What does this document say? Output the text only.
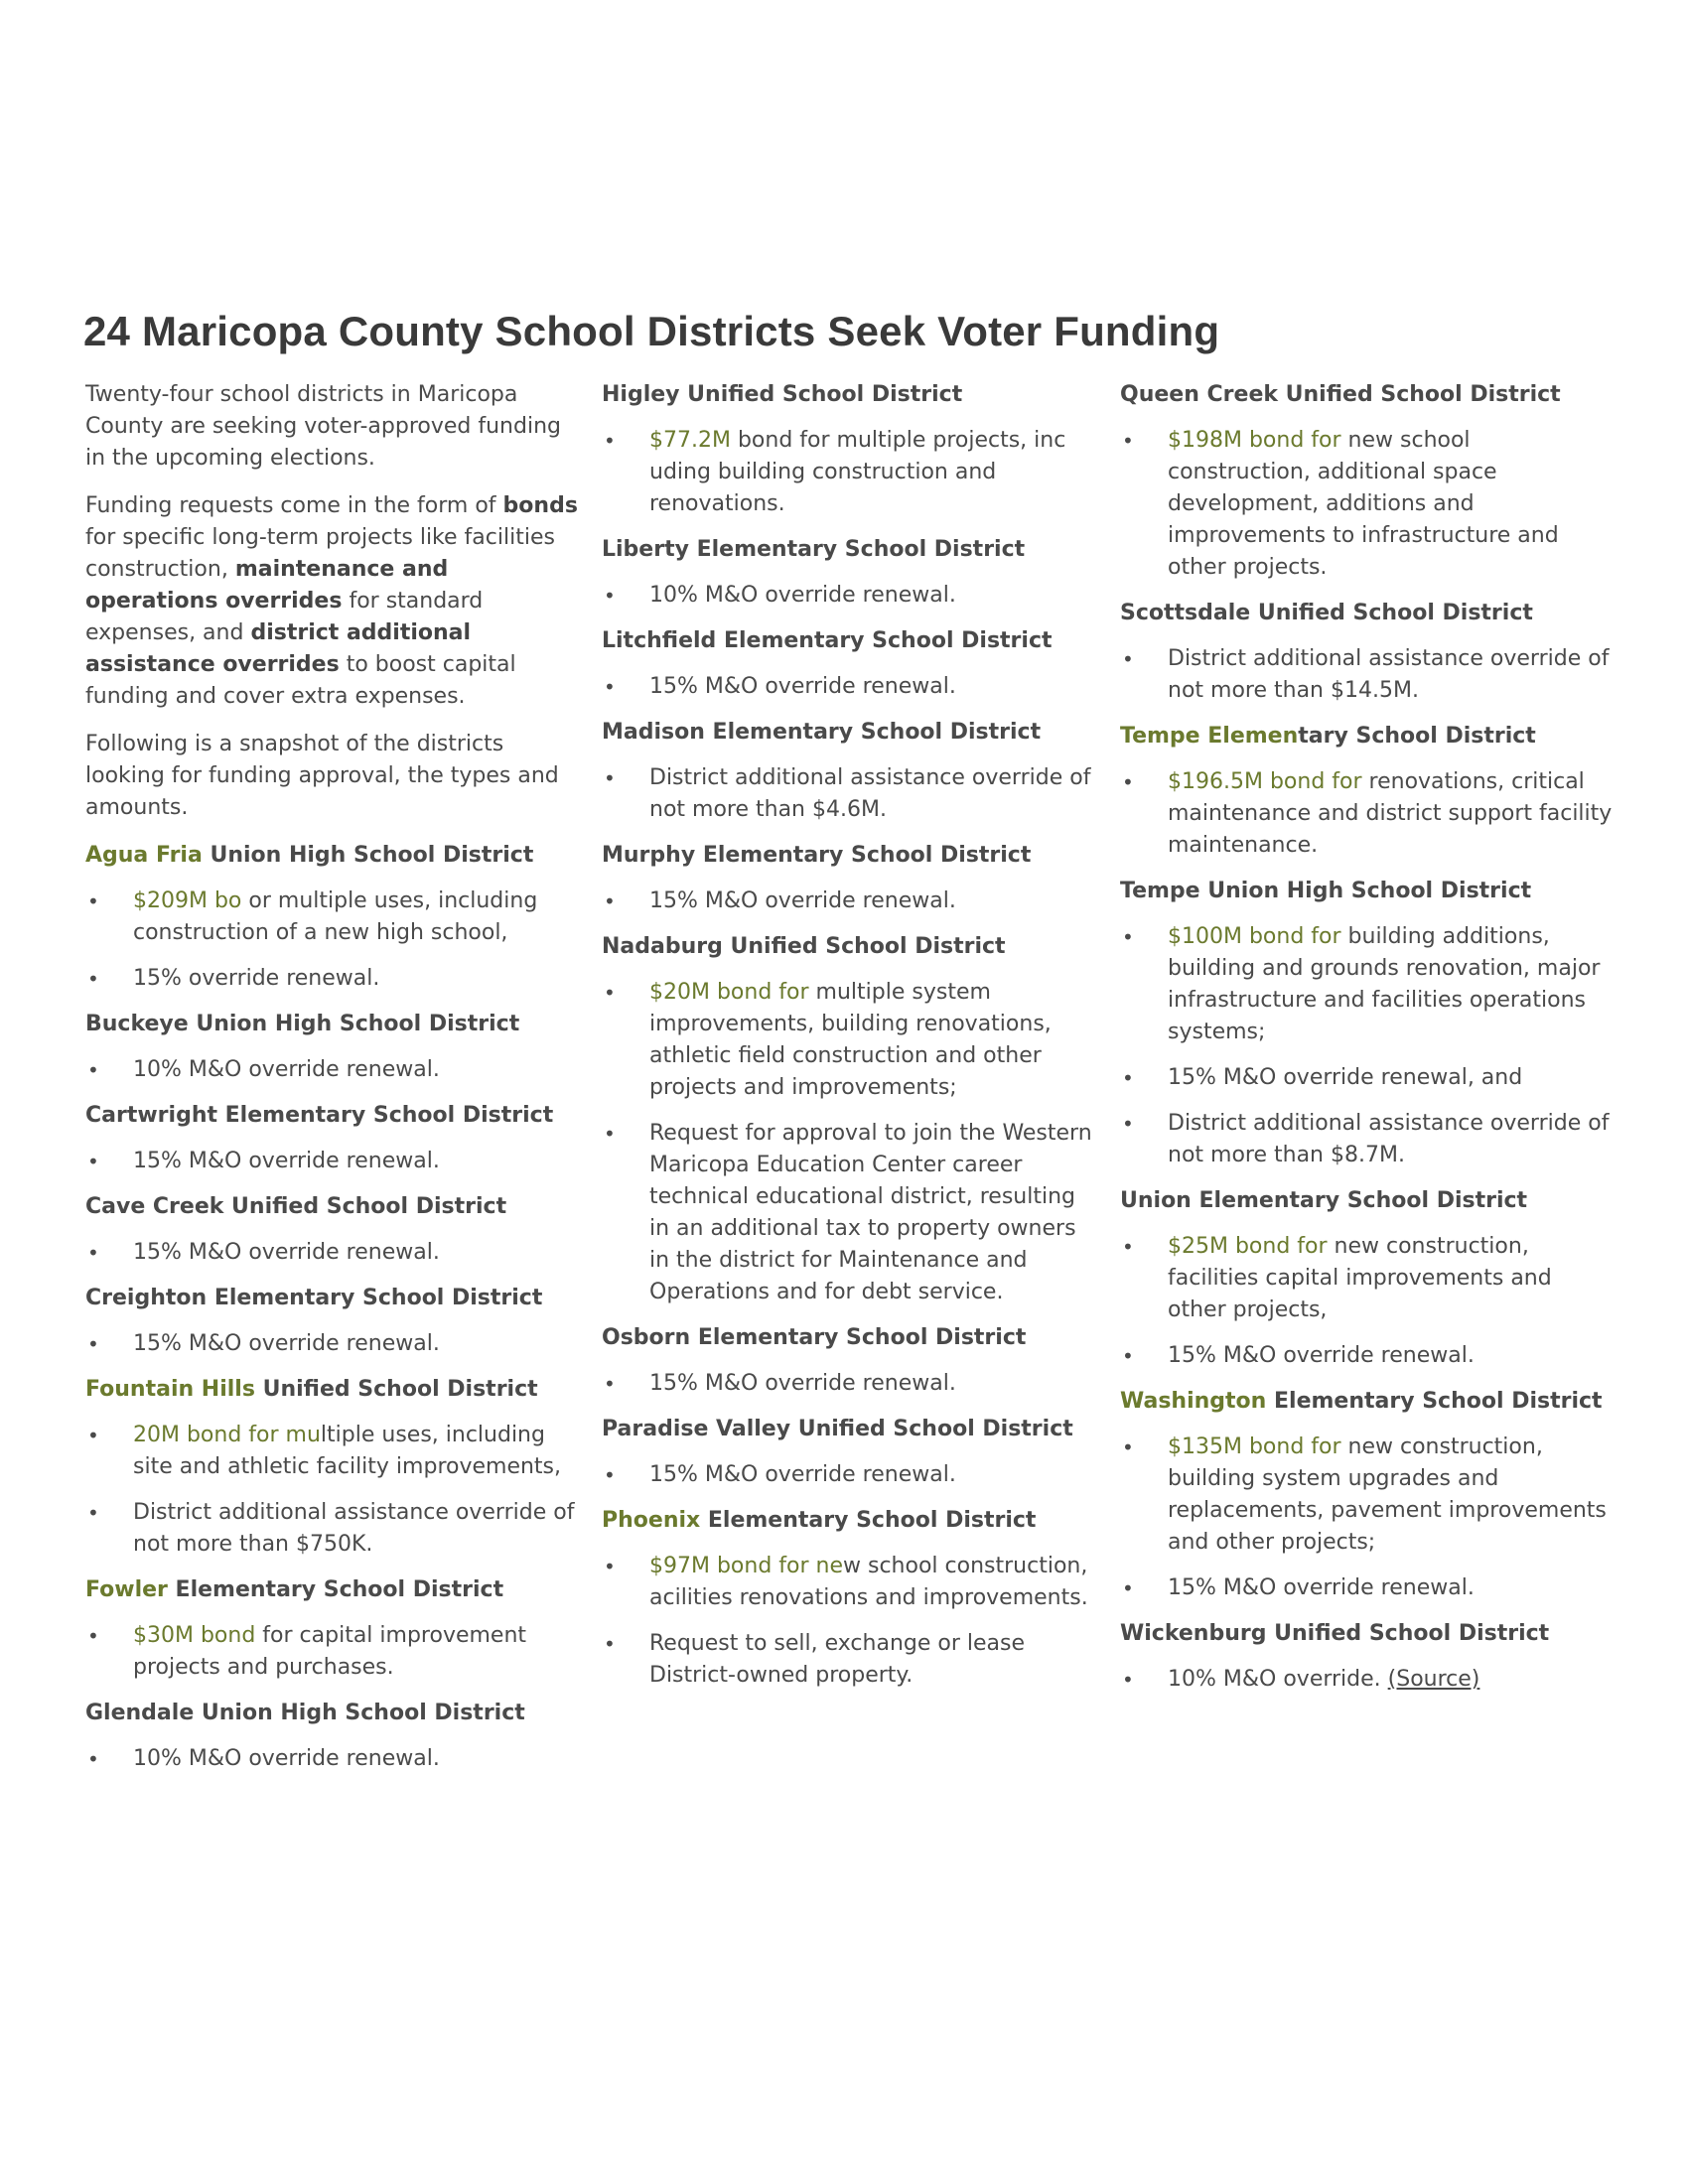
24 Maricopa County School Districts Seek Voter Funding

Twenty-four school districts in Maricopa County are seeking voter-approved funding in the upcoming elections.

Funding requests come in the form of bonds for specific long-term projects like facilities construction, maintenance and operations overrides for standard expenses, and district additional assistance overrides to boost capital funding and cover extra expenses.

Following is a snapshot of the districts looking for funding approval, the types and amounts.

Agua Fria Union High School District
• $209M bo or multiple uses, including construction of a new high school,
• 15% override renewal.
Buckeye Union High School District
• 10% M&O override renewal.
Cartwright Elementary School District
• 15% M&O override renewal.
Cave Creek Unified School District
• 15% M&O override renewal.
Creighton Elementary School District
• 15% M&O override renewal.
Fountain Hills Unified School District
• 20M bond for multiple uses, including site and athletic facility improvements,
• District additional assistance override of not more than $750K.
Fowler Elementary School District
• $30M bond for capital improvement projects and purchases.
Glendale Union High School District
• 10% M&O override renewal.
Higley Unified School District
• $77.2M bond for multiple projects, inc uding building construction and renovations.
Liberty Elementary School District
• 10% M&O override renewal.
Litchfield Elementary School District
• 15% M&O override renewal.
Madison Elementary School District
• District additional assistance override of not more than $4.6M.
Murphy Elementary School District
• 15% M&O override renewal.
Nadaburg Unified School District
• $20M bond for multiple system improvements, building renovations, athletic field construction and other projects and improvements;
• Request for approval to join the Western Maricopa Education Center career technical educational district, resulting in an additional tax to property owners in the district for Maintenance and Operations and for debt service.
Osborn Elementary School District
• 15% M&O override renewal.
Paradise Valley Unified School District
• 15% M&O override renewal.
Phoenix Elementary School District
• $97M bond for new school construction, acilities renovations and improvements.
• Request to sell, exchange or lease District-owned property.
Queen Creek Unified School District
• $198M bond for new school construction, additional space development, additions and improvements to infrastructure and other projects.
Scottsdale Unified School District
• District additional assistance override of not more than $14.5M.
Tempe Elementary School District
• $196.5M bond for renovations, critical maintenance and district support facility maintenance.
Tempe Union High School District
• $100M bond for building additions, building and grounds renovation, major infrastructure and facilities operations systems;
• 15% M&O override renewal, and
• District additional assistance override of not more than $8.7M.
Union Elementary School District
• $25M bond for new construction, facilities capital improvements and other projects,
• 15% M&O override renewal.
Washington Elementary School District
• $135M bond for new construction, building system upgrades and replacements, pavement improvements and other projects;
• 15% M&O override renewal.
Wickenburg Unified School District
• 10% M&O override. (Source)
